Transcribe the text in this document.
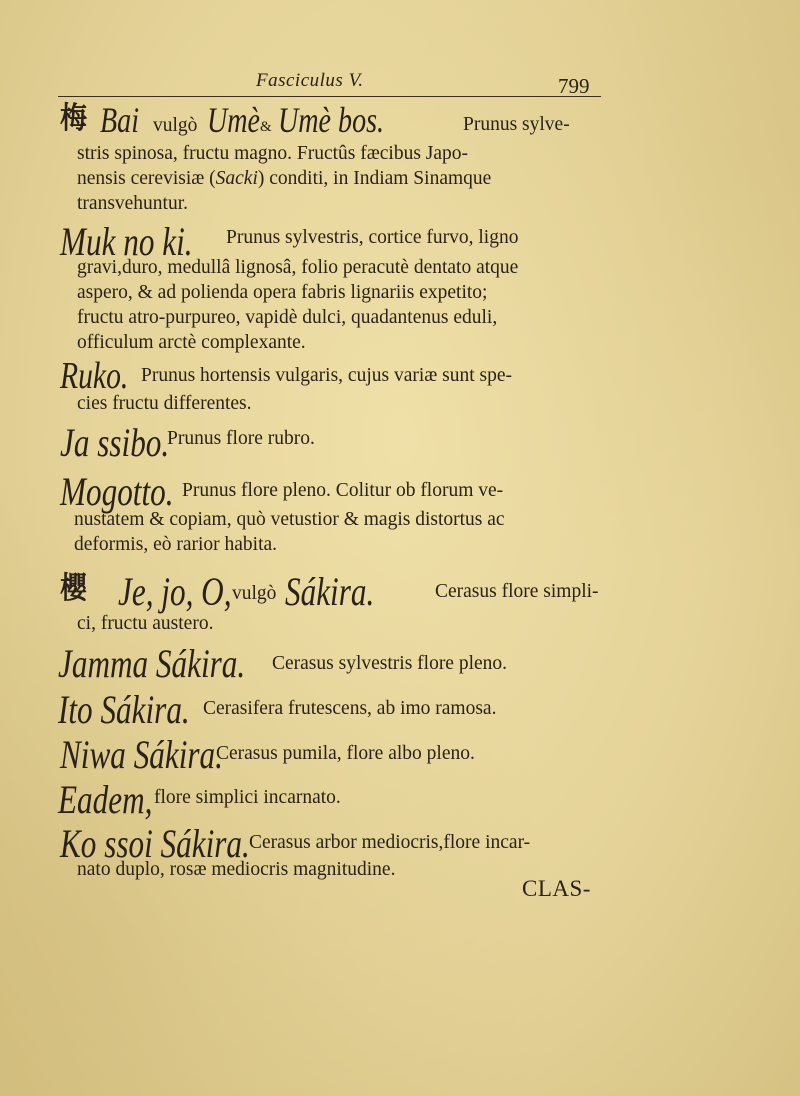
Fasciculus V.	799
梅 Bai vulgò Umè & Umè bos.	Prunus sylve-
stris spinosa, fructu magno. Fructûs fæcibus Japo-
nensis cerevisiæ (Sacki) conditi, in Indiam Sinamque
transvehuntur.
Muk no ki.	Prunus sylvestris, cortice furvo, ligno
gravi,duro, medullâ lignosâ, folio peracutè dentato atque
aspero, & ad polienda opera fabris lignariis expetito;
fructu atro-purpureo, vapidè dulci, quadantenus eduli,
officulum arctè complexante.
Ruko. Prunus hortensis vulgaris, cujus variæ sunt spe-
cies fructu differentes.
Ja ssibo.
Prunus flore rubro.
Mogotto. Prunus flore pleno. Colitur ob florum ve-
nustatem & copiam, quò vetustior & magis distortus ac
deformis, eò rarior habita.
櫻 Je, jo, O, vulgò Sákira.	Cerasus flore simpli-
ci, fructu austero.
Jamma Sákira.	Cerasus sylvestris flore pleno.
Ito Sákira. Cerasifera frutescens, ab imo ramosa.
Niwa Sákira.
Cerasus pumila, flore albo pleno.
Eadem, flore simplici incarnato.
Ko ssoi Sákira. Cerasus arbor mediocris,flore incar-
nato duplo, rosæ mediocris magnitudine.
CLAS-
